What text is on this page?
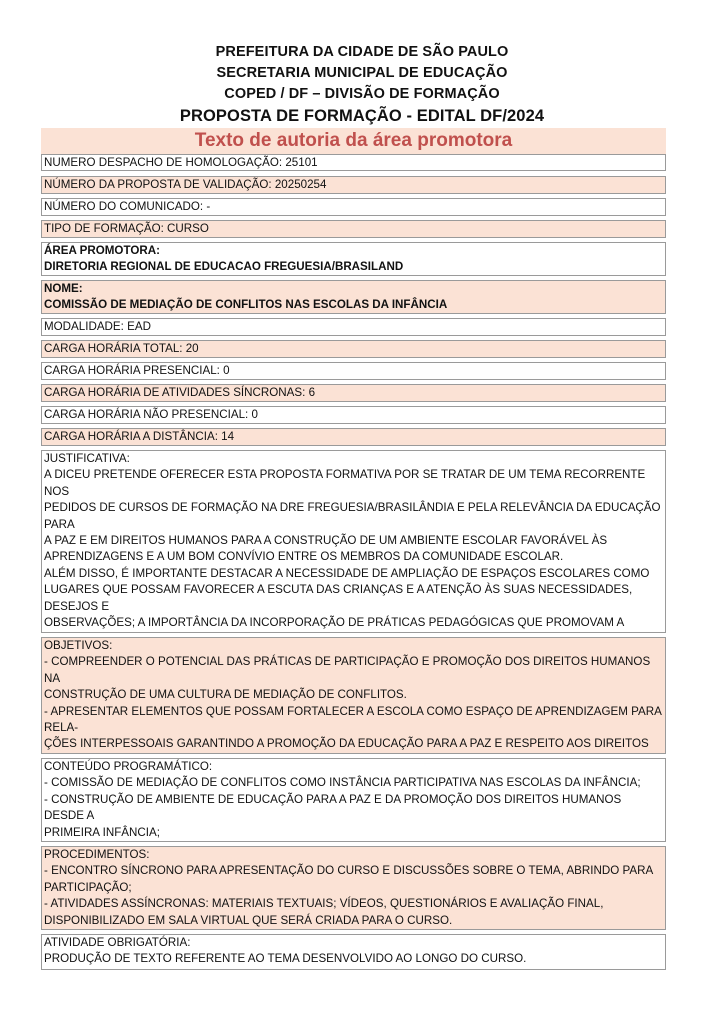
PREFEITURA DA CIDADE DE SÃO PAULO
SECRETARIA MUNICIPAL DE EDUCAÇÃO
COPED / DF – DIVISÃO DE FORMAÇÃO
PROPOSTA DE FORMAÇÃO - EDITAL DF/2024
Texto de autoria da área promotora
NUMERO DESPACHO DE HOMOLOGAÇÃO: 25101
NÚMERO DA PROPOSTA DE VALIDAÇÃO: 20250254
NÚMERO DO COMUNICADO: -
TIPO DE FORMAÇÃO: CURSO
ÁREA PROMOTORA:
DIRETORIA REGIONAL DE EDUCACAO FREGUESIA/BRASILAND
NOME:
COMISSÃO DE MEDIAÇÃO DE CONFLITOS NAS ESCOLAS DA INFÂNCIA
MODALIDADE: EAD
CARGA HORÁRIA TOTAL: 20
CARGA HORÁRIA PRESENCIAL: 0
CARGA HORÁRIA DE ATIVIDADES SÍNCRONAS: 6
CARGA HORÁRIA NÃO PRESENCIAL: 0
CARGA HORÁRIA A DISTÂNCIA: 14
JUSTIFICATIVA:
A DICEU PRETENDE OFERECER ESTA PROPOSTA FORMATIVA POR SE TRATAR DE UM TEMA RECORRENTE NOS
PEDIDOS DE CURSOS DE FORMAÇÃO NA DRE FREGUESIA/BRASILÂNDIA E PELA RELEVÂNCIA DA EDUCAÇÃO PARA
A PAZ E EM DIREITOS HUMANOS PARA A CONSTRUÇÃO DE UM AMBIENTE ESCOLAR FAVORÁVEL ÀS
APRENDIZAGENS E A UM BOM CONVÍVIO ENTRE OS MEMBROS DA COMUNIDADE ESCOLAR.
ALÉM DISSO, É IMPORTANTE DESTACAR A NECESSIDADE DE AMPLIAÇÃO DE ESPAÇOS ESCOLARES COMO
LUGARES QUE POSSAM FAVORECER A ESCUTA DAS CRIANÇAS E A ATENÇÃO ÀS SUAS NECESSIDADES, DESEJOS E
OBSERVAÇÕES; A IMPORTÂNCIA DA INCORPORAÇÃO DE PRÁTICAS PEDAGÓGICAS QUE PROMOVAM A
OBJETIVOS:
- COMPREENDER O POTENCIAL DAS PRÁTICAS DE PARTICIPAÇÃO E PROMOÇÃO DOS DIREITOS HUMANOS NA
CONSTRUÇÃO DE UMA CULTURA DE MEDIAÇÃO DE CONFLITOS.
- APRESENTAR ELEMENTOS QUE POSSAM FORTALECER A ESCOLA COMO ESPAÇO DE APRENDIZAGEM PARA RELA-
ÇÕES INTERPESSOAIS GARANTINDO A PROMOÇÃO DA EDUCAÇÃO PARA A PAZ E RESPEITO AOS DIREITOS
CONTEÚDO PROGRAMÁTICO:
- COMISSÃO DE MEDIAÇÃO DE CONFLITOS COMO INSTÂNCIA PARTICIPATIVA NAS ESCOLAS DA INFÂNCIA;
- CONSTRUÇÃO DE AMBIENTE DE EDUCAÇÃO PARA A PAZ E DA PROMOÇÃO DOS DIREITOS HUMANOS DESDE A
PRIMEIRA INFÂNCIA;
PROCEDIMENTOS:
- ENCONTRO SÍNCRONO PARA APRESENTAÇÃO DO CURSO E DISCUSSÕES SOBRE O TEMA, ABRINDO PARA
PARTICIPAÇÃO;
- ATIVIDADES ASSÍNCRONAS: MATERIAIS TEXTUAIS; VÍDEOS, QUESTIONÁRIOS E AVALIAÇÃO FINAL,
DISPONIBILIZADO EM SALA VIRTUAL QUE SERÁ CRIADA PARA O CURSO.
ATIVIDADE OBRIGATÓRIA:
PRODUÇÃO DE TEXTO REFERENTE AO TEMA DESENVOLVIDO AO LONGO DO CURSO.
